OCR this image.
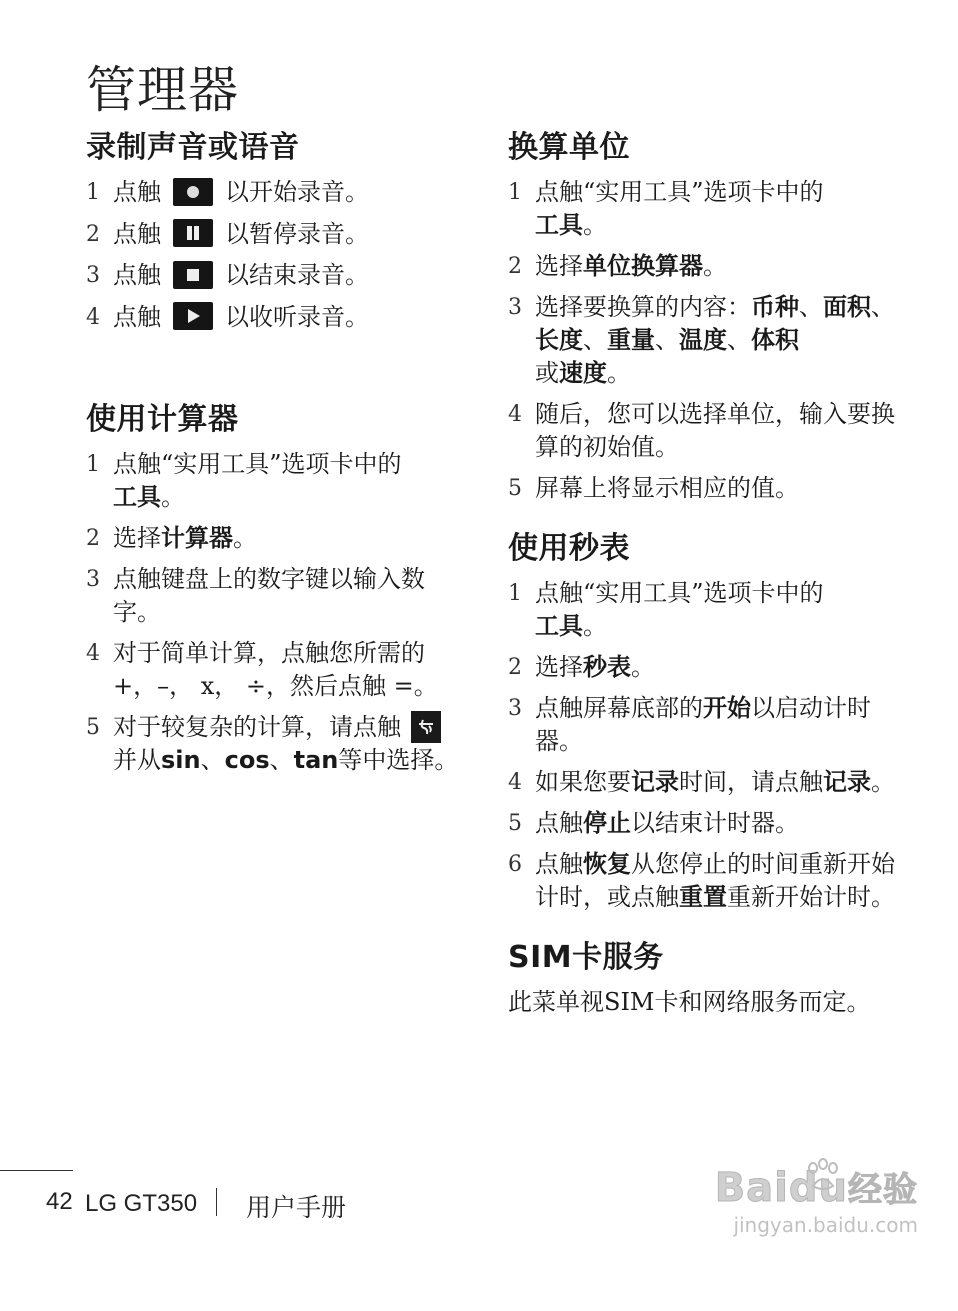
管理器
录制声音或语音
1 点触	以开始录音。
2 点触	以暂停录音。
3 点触	以结束录音。
4 点触	以收听录音。
使用计算器
1 点触“实用工具”选项卡中的
工具。
2 选择计算器。
3 点触键盘上的数字键以输入数字。
4 对于简单计算，点触您所需的 +，–， x， ÷，然后点触 =。
5 对于较复杂的计算，请点触

并从sin、cos、tan等中选择。
换算单位
1 点触“实用工具”选项卡中的
工具。
2 选择单位换算器。
3 选择要换算的内容：币种、面积、长度、重量、温度、体积
或速度。
4 随后，您可以选择单位，输入要换算的初始值。
5 屏幕上将显示相应的值。
使用秒表
1 点触“实用工具”选项卡中的
工具。
2 选择秒表。
3 点触屏幕底部的开始以启动计时器。
4 如果您要记录时间，请点触记录。
5 点触停止以结束计时器。
6 点触恢复从您停止的时间重新开始计时，或点触重置重新开始计时。
SIM卡服务

此菜单视SIM卡和网络服务而定。

42 LG GT350 用户手册	Baidu经验
jingyan.baidu.com
